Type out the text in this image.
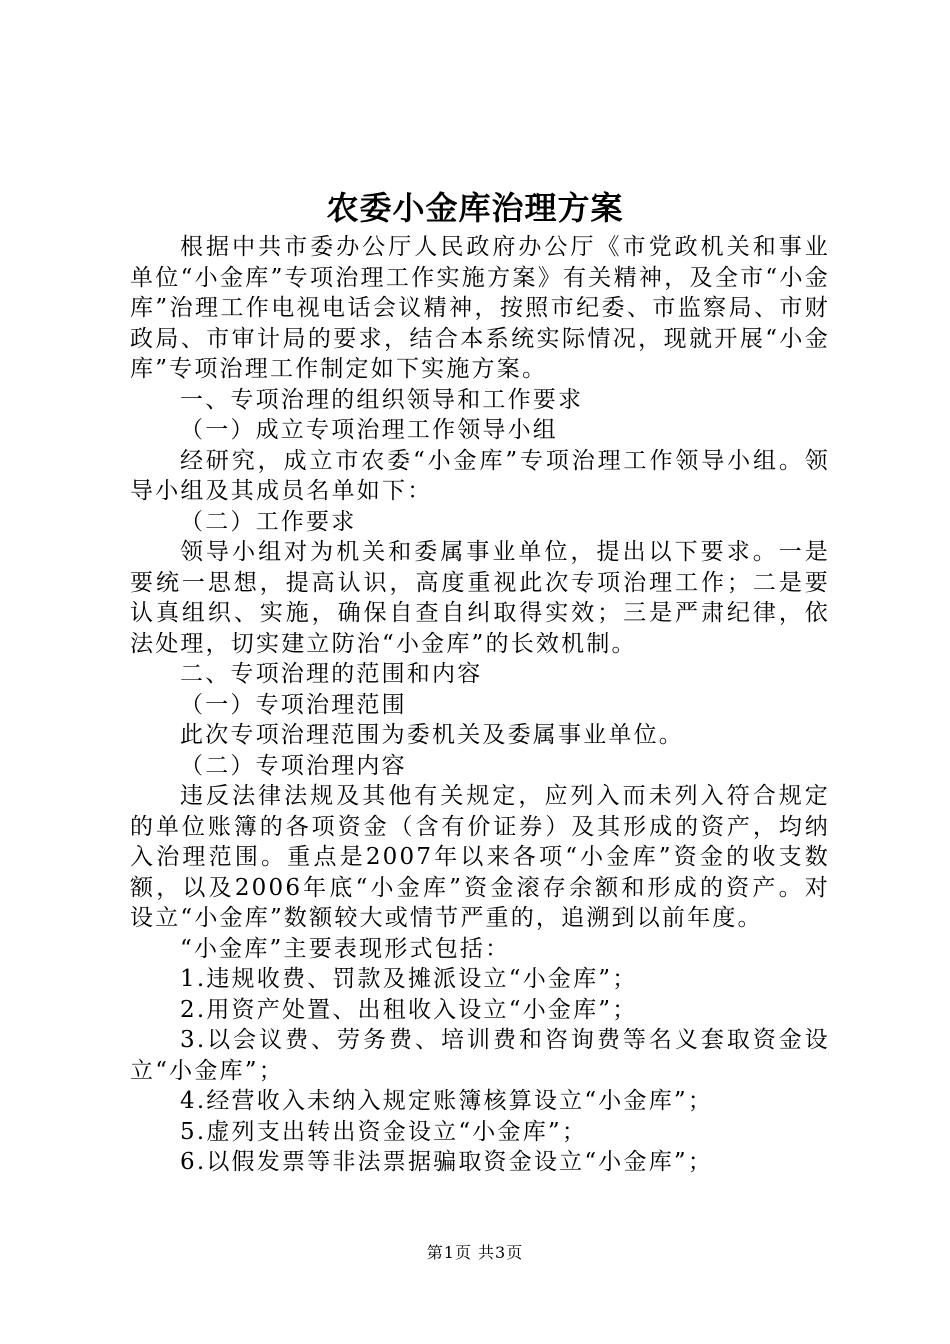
农委小金库治理方案

根据中共市委办公厅人民政府办公厅《市党政机关和事业单位“小金库”专项治理工作实施方案》有关精神，及全市“小金库”治理工作电视电话会议精神，按照市纪委、市监察局、市财政局、市审计局的要求，结合本系统实际情况，现就开展“小金库”专项治理工作制定如下实施方案。

一、专项治理的组织领导和工作要求

（一）成立专项治理工作领导小组

经研究，成立市农委“小金库”专项治理工作领导小组。领导小组及其成员名单如下：

（二）工作要求

领导小组对为机关和委属事业单位，提出以下要求。一是要统一思想，提高认识，高度重视此次专项治理工作；二是要认真组织、实施，确保自查自纠取得实效；三是严肃纪律，依法处理，切实建立防治“小金库”的长效机制。

二、专项治理的范围和内容

（一）专项治理范围

此次专项治理范围为委机关及委属事业单位。

（二）专项治理内容

违反法律法规及其他有关规定，应列入而未列入符合规定的单位账簿的各项资金（含有价证券）及其形成的资产，均纳入治理范围。重点是2007年以来各项“小金库”资金的收支数额，以及2006年底“小金库”资金滚存余额和形成的资产。对设立“小金库”数额较大或情节严重的，追溯到以前年度。

“小金库”主要表现形式包括：

1.违规收费、罚款及摊派设立“小金库”；

2.用资产处置、出租收入设立“小金库”；

3.以会议费、劳务费、培训费和咨询费等名义套取资金设立“小金库”；

4.经营收入未纳入规定账簿核算设立“小金库”；

5.虚列支出转出资金设立“小金库”；

6.以假发票等非法票据骗取资金设立“小金库”；

第1页 共3页
